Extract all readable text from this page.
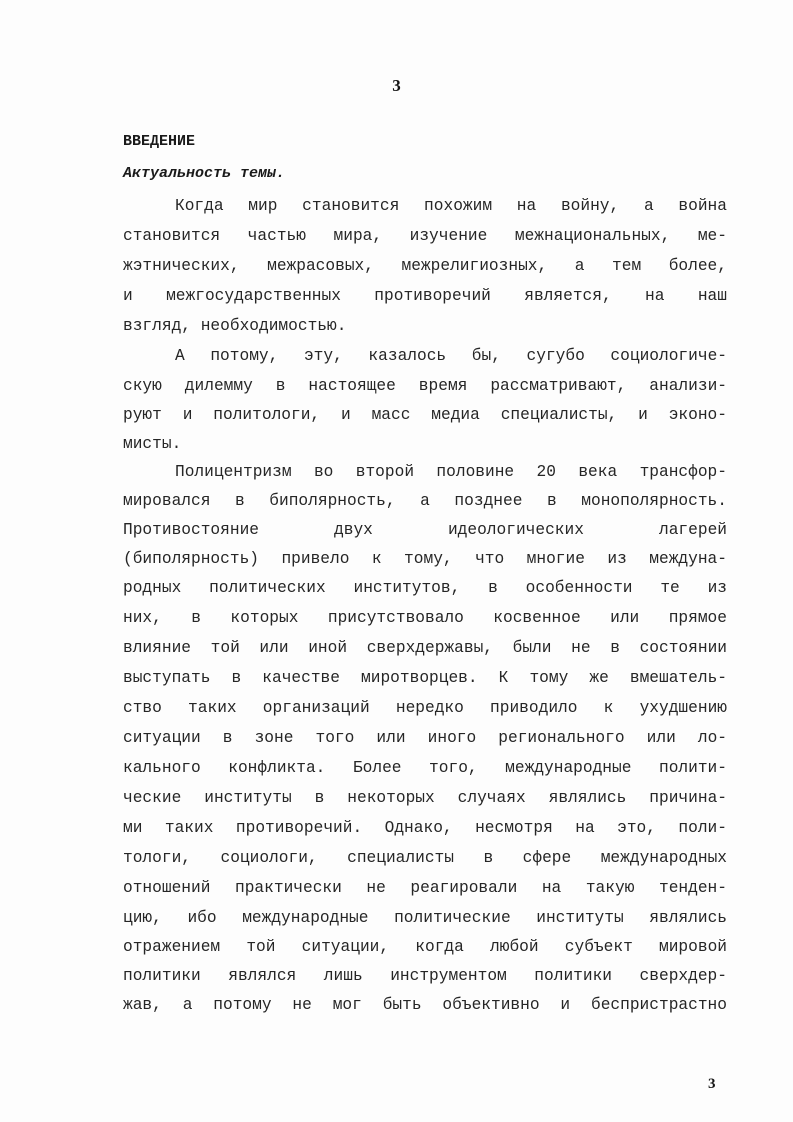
3
ВВЕДЕНИЕ
Актуальность темы.
Когда мир становится похожим на войну, а война
становится частью мира, изучение межнациональных, ме-
жэтнических, межрасовых, межрелигиозных, а тем более,
и межгосударственных противоречий является, на наш
взгляд, необходимостью.
А потому, эту, казалось бы, сугубо социологиче-
скую дилемму в настоящее время рассматривают, анализи-
руют и политологи, и масс медиа специалисты, и эконо-
мисты.
Полицентризм во второй половине 20 века трансфор-
мировался в биполярность, а позднее в монополярность.
Противостояние двух идеологических лагерей
(биполярность) привело к тому, что многие из междуна-
родных политических институтов, в особенности те из
них, в которых присутствовало косвенное или прямое
влияние той или иной сверхдержавы, были не в состоянии
выступать в качестве миротворцев. К тому же вмешатель-
ство таких организаций нередко приводило к ухудшению
ситуации в зоне того или иного регионального или ло-
кального конфликта. Более того, международные полити-
ческие институты в некоторых случаях являлись причина-
ми таких противоречий. Однако, несмотря на это, поли-
тологи, социологи, специалисты в сфере международных
отношений практически не реагировали на такую тенден-
цию, ибо международные политические институты являлись
отражением той ситуации, когда любой субъект мировой
политики являлся лишь инструментом политики сверхдер-
жав, а потому не мог быть объективно и беспристрастно
3
